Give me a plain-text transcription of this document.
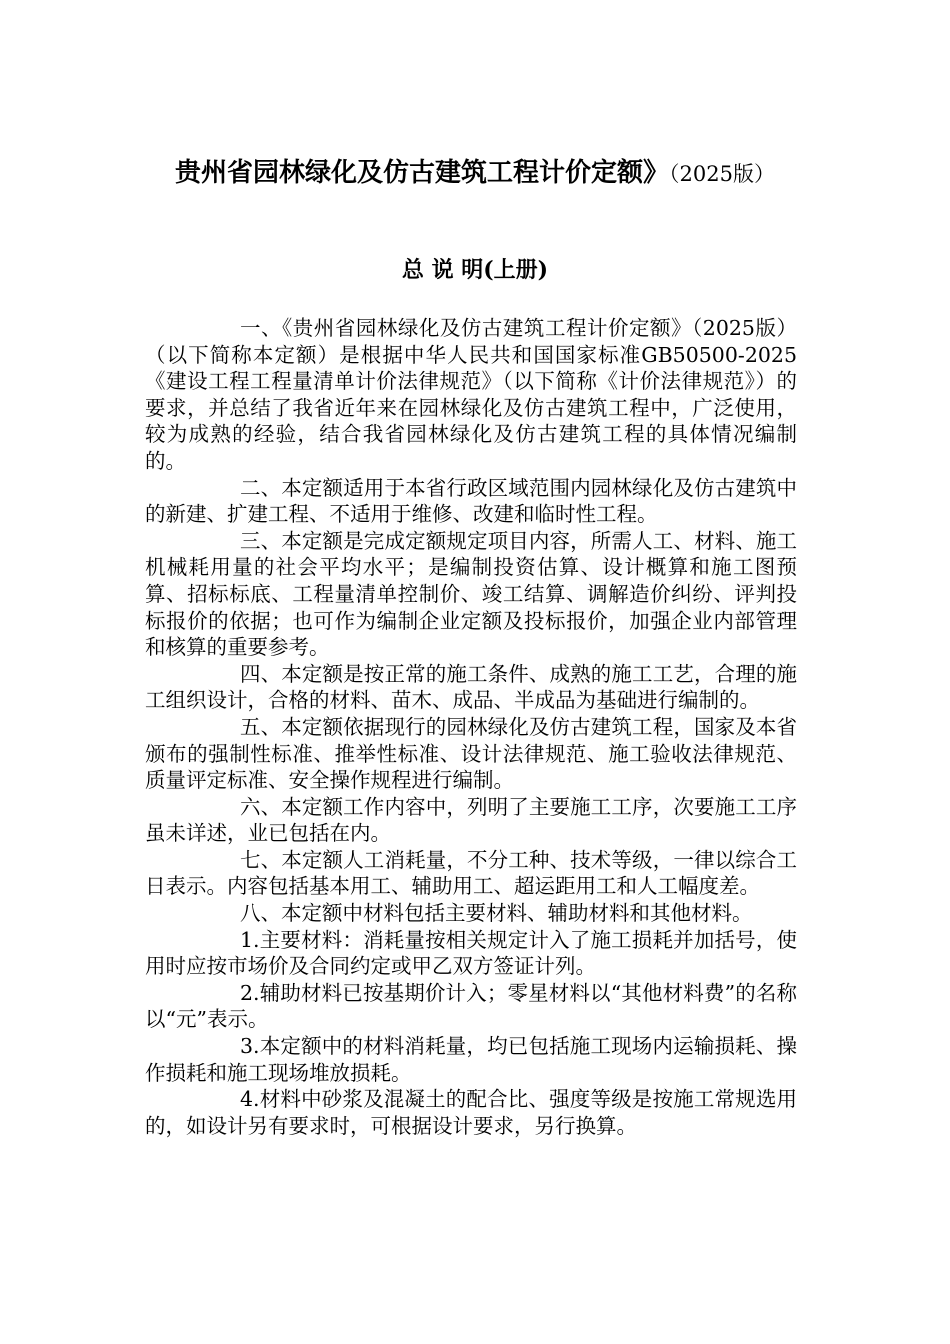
贵州省园林绿化及仿古建筑工程计价定额》（2025版）
总 说 明(上册)

一、《贵州省园林绿化及仿古建筑工程计价定额》（2025版）（以下简称本定额）是根据中华人民共和国国家标准GB50500-2025《建设工程工程量清单计价法律规范》（以下简称《计价法律规范》）的要求，并总结了我省近年来在园林绿化及仿古建筑工程中，广泛使用，较为成熟的经验，结合我省园林绿化及仿古建筑工程的具体情况编制的。

二、本定额适用于本省行政区域范围内园林绿化及仿古建筑中的新建、扩建工程、不适用于维修、改建和临时性工程。

三、本定额是完成定额规定项目内容，所需人工、材料、施工机械耗用量的社会平均水平；是编制投资估算、设计概算和施工图预算、招标标底、工程量清单控制价、竣工结算、调解造价纠纷、评判投标报价的依据；也可作为编制企业定额及投标报价，加强企业内部管理和核算的重要参考。

四、本定额是按正常的施工条件、成熟的施工工艺，合理的施工组织设计，合格的材料、苗木、成品、半成品为基础进行编制的。

五、本定额依据现行的园林绿化及仿古建筑工程，国家及本省颁布的强制性标准、推举性标准、设计法律规范、施工验收法律规范、质量评定标准、安全操作规程进行编制。

六、本定额工作内容中，列明了主要施工工序，次要施工工序虽未详述，业已包括在内。

七、本定额人工消耗量，不分工种、技术等级，一律以综合工日表示。内容包括基本用工、辅助用工、超运距用工和人工幅度差。

八、本定额中材料包括主要材料、辅助材料和其他材料。

1.主要材料：消耗量按相关规定计入了施工损耗并加括号，使用时应按市场价及合同约定或甲乙双方签证计列。

2.辅助材料已按基期价计入；零星材料以“其他材料费”的名称以“元”表示。

3.本定额中的材料消耗量，均已包括施工现场内运输损耗、操作损耗和施工现场堆放损耗。

4.材料中砂浆及混凝土的配合比、强度等级是按施工常规选用的，如设计另有要求时，可根据设计要求，另行换算。
